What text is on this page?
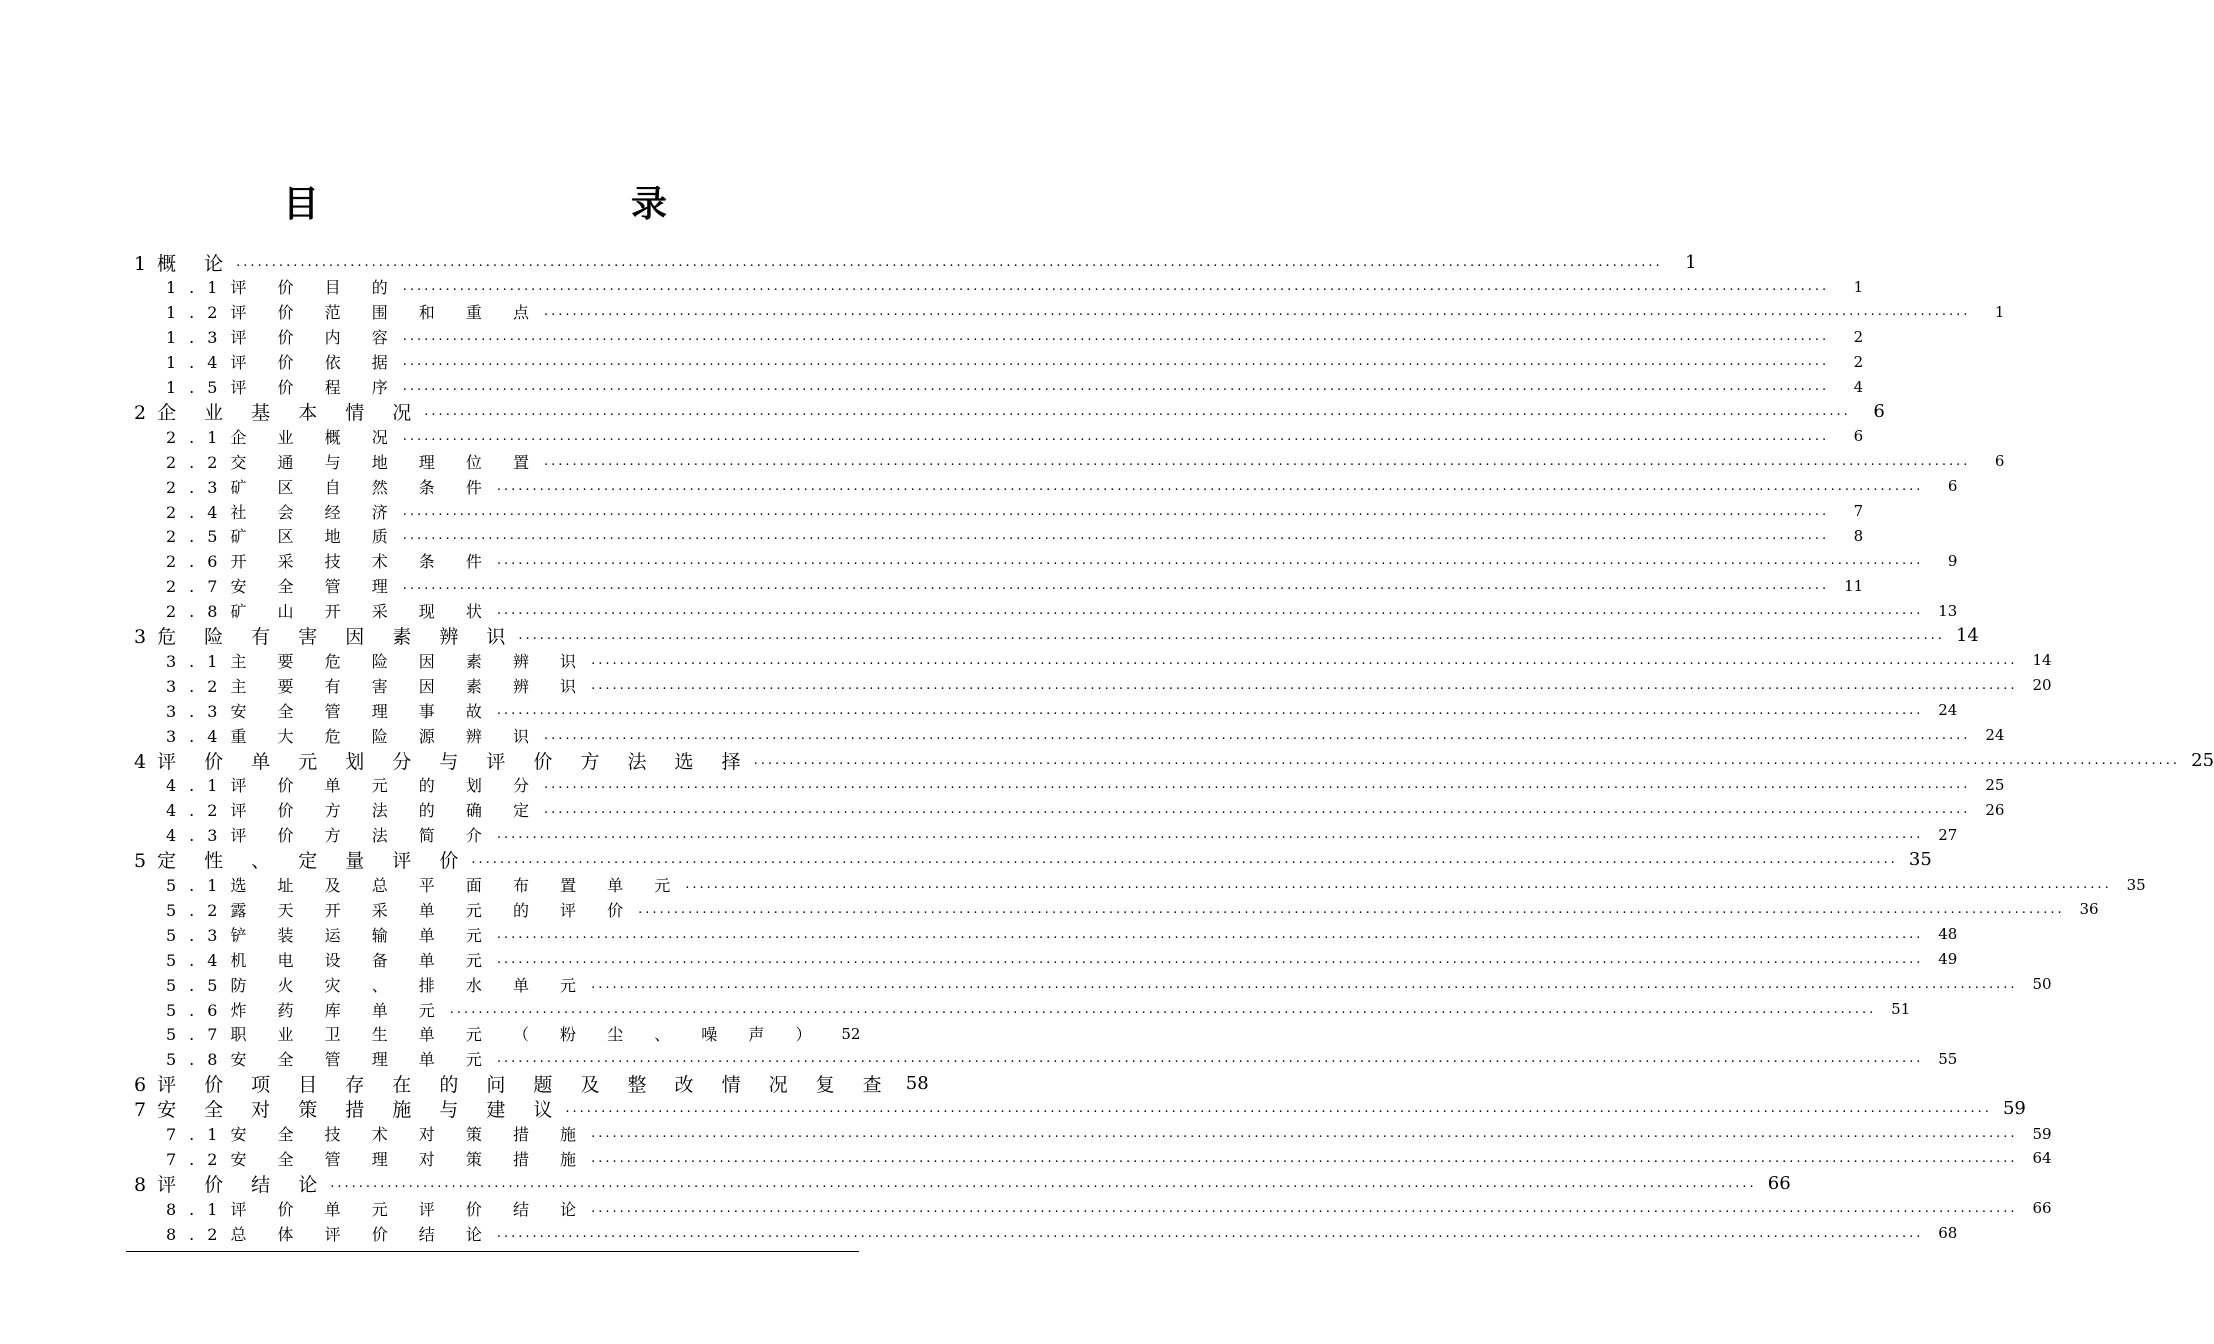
目　　录
1概 论 ........................................................................................................................................................................................................	1
1.1评 价 目 的 ........................................................................................................................................................................................................	1
1.2评 价 范 围 和 重 点 ........................................................................................................................................................................................................	1
1.3评 价 内 容 ........................................................................................................................................................................................................	2
1.4评 价 依 据 ........................................................................................................................................................................................................	2
1.5评 价 程 序 ........................................................................................................................................................................................................	4
2企 业 基 本 情 况 ........................................................................................................................................................................................................	6
2.1企 业 概 况 ........................................................................................................................................................................................................	6
2.2交 通 与 地 理 位 置 ........................................................................................................................................................................................................	6
2.3矿 区 自 然 条 件 ........................................................................................................................................................................................................	6
2.4社 会 经 济 ........................................................................................................................................................................................................	7
2.5矿 区 地 质 ........................................................................................................................................................................................................	8
2.6开 采 技 术 条 件 ........................................................................................................................................................................................................	9
2.7安 全 管 理 ........................................................................................................................................................................................................ 11
2.8矿 山 开 采 现 状 ........................................................................................................................................................................................................ 13
3危 险 有 害 因 素 辨 识 ........................................................................................................................................................................................................ 14
3.1主 要 危 险 因 素 辨 识 ........................................................................................................................................................................................................ 14
3.2主 要 有 害 因 素 辨 识 ........................................................................................................................................................................................................ 20
3.3安 全 管 理 事 故 ........................................................................................................................................................................................................ 24
3.4重 大 危 险 源 辨 识 ........................................................................................................................................................................................................ 24
4评 价 单 元 划 分 与 评 价 方 法 选 择 ........................................................................................................................................................................................................ 25
4.1评 价 单 元 的 划 分 ........................................................................................................................................................................................................ 25
4.2评 价 方 法 的 确 定 ........................................................................................................................................................................................................ 26
4.3评 价 方 法 简 介 ........................................................................................................................................................................................................ 27
5定 性 、 定 量 评 价 ........................................................................................................................................................................................................ 35
5.1选 址 及 总 平 面 布 置 单 元 ........................................................................................................................................................................................................ 35
5.2露 天 开 采 单 元 的 评 价 ........................................................................................................................................................................................................ 36
5.3铲 装 运 输 单 元 ........................................................................................................................................................................................................ 48
5.4机 电 设 备 单 元 ........................................................................................................................................................................................................ 49
5.5防 火 灾 、 排 水 单 元 ........................................................................................................................................................................................................ 50
5.6炸 药 库 单 元 ........................................................................................................................................................................................................ 51
5.7职 业 卫 生 单 元 （ 粉 尘 、 噪 声 ）	52
5.8安 全 管 理 单 元 ........................................................................................................................................................................................................ 55
6评 价 项 目 存 在 的 问 题 及 整 改 情 况 复 查 58
7安 全 对 策 措 施 与 建 议 ........................................................................................................................................................................................................ 59
7.1安 全 技 术 对 策 措 施 ........................................................................................................................................................................................................ 59
7.2安 全 管 理 对 策 措 施 ........................................................................................................................................................................................................ 64
8评 价 结 论 ........................................................................................................................................................................................................ 66
8.1评 价 单 元 评 价 结 论 ........................................................................................................................................................................................................ 66
8.2总 体 评 价 结 论 ........................................................................................................................................................................................................ 68
